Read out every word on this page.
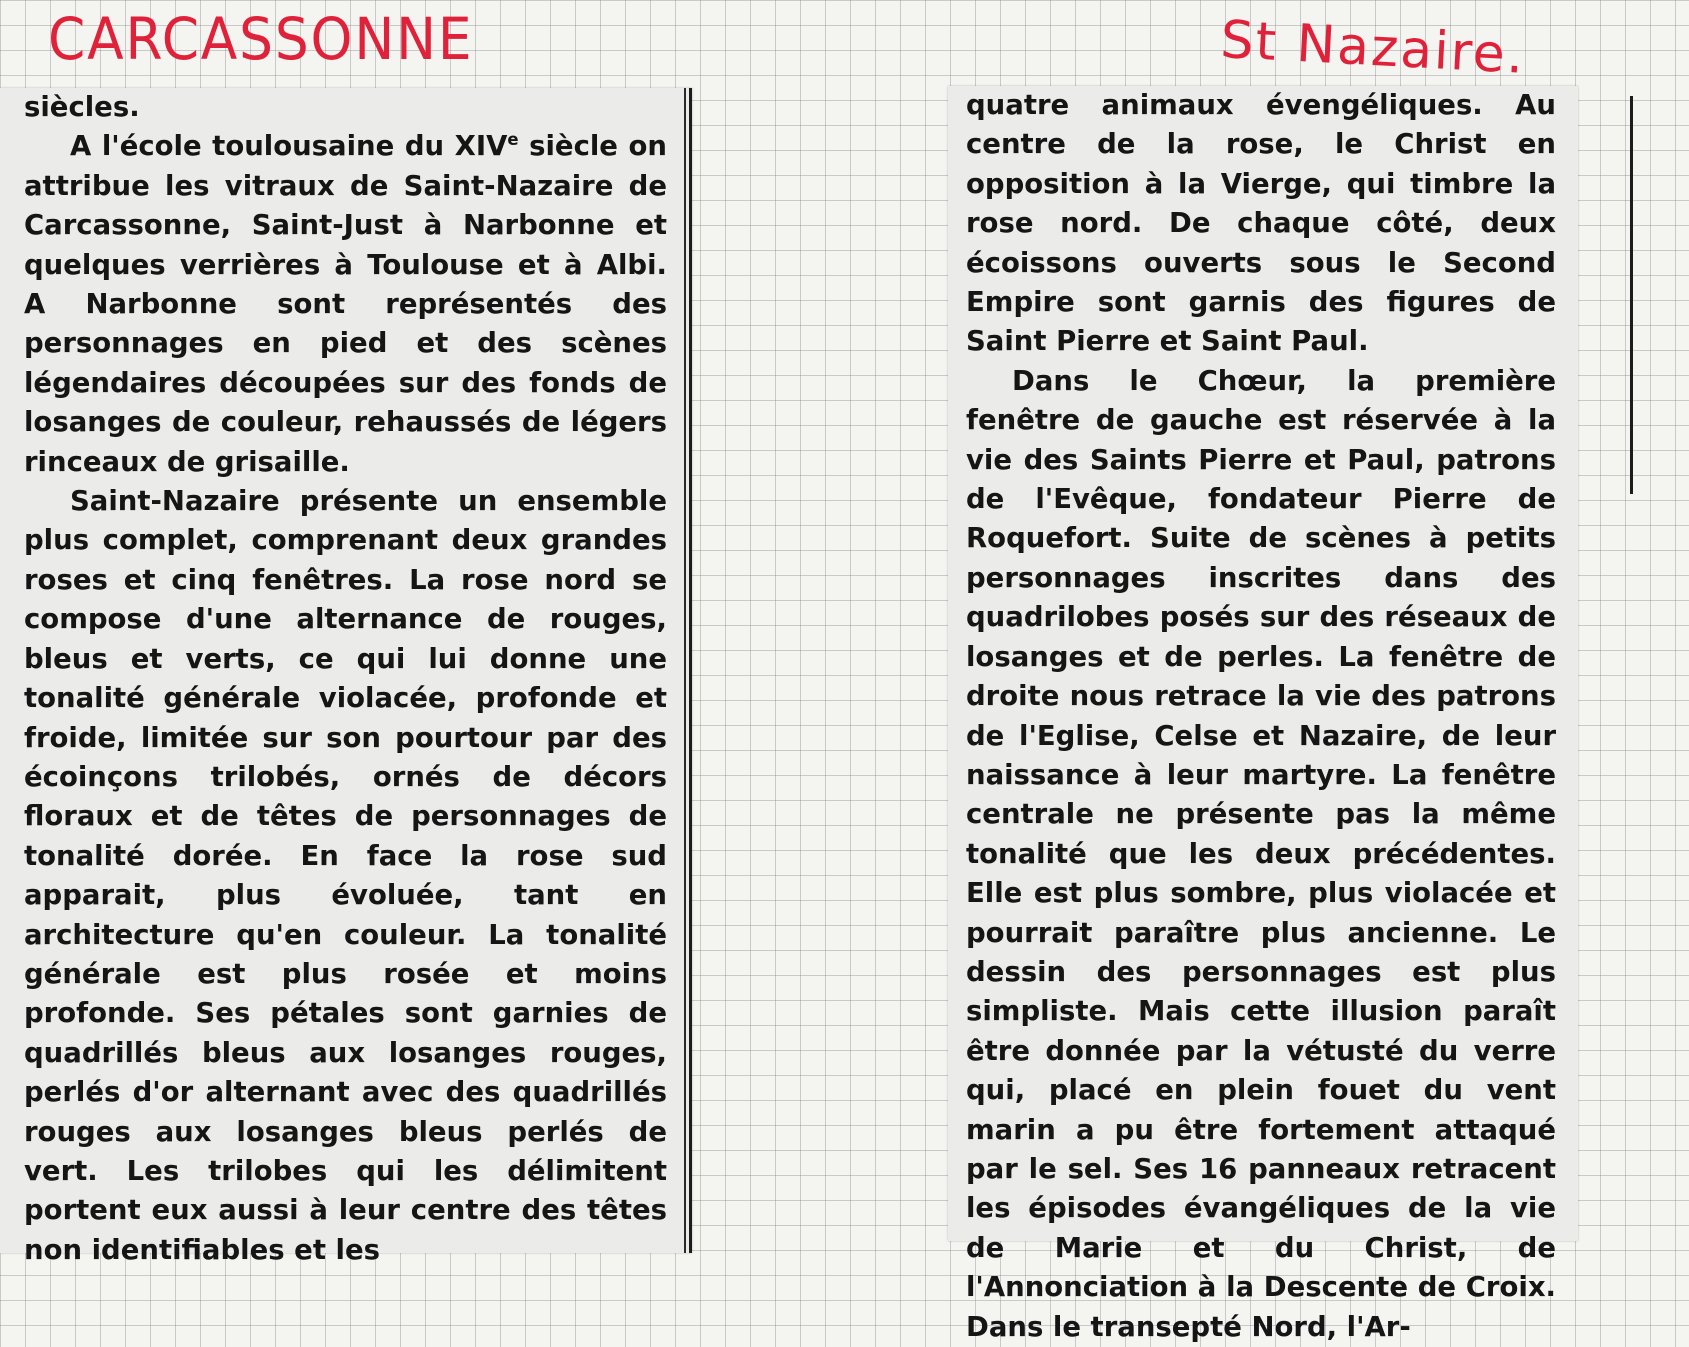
CARCASSONNE	St Nazaire.

siècles.

A l'école toulousaine du XIVe siècle on attribue les vitraux de Saint-Nazaire de Carcassonne, Saint-Just à Narbonne et quelques verrières à Toulouse et à Albi. A Narbonne sont représentés des personnages en pied et des scènes légendaires découpées sur des fonds de losanges de couleur, rehaussés de légers rinceaux de grisaille.

Saint-Nazaire présente un ensemble plus complet, comprenant deux grandes roses et cinq fenêtres. La rose nord se compose d'une alternance de rouges, bleus et verts, ce qui lui donne une tonalité générale violacée, profonde et froide, limitée sur son pourtour par des écoinçons trilobés, ornés de décors floraux et de têtes de personnages de tonalité dorée. En face la rose sud apparait, plus évoluée, tant en architecture qu'en couleur. La tonalité générale est plus rosée et moins profonde. Ses pétales sont garnies de quadrillés bleus aux losanges rouges, perlés d'or alternant avec des quadrillés rouges aux losanges bleus perlés de vert. Les trilobes qui les délimitent portent eux aussi à leur centre des têtes non identifiables et les

quatre animaux évengéliques. Au centre de la rose, le Christ en opposition à la Vierge, qui timbre la rose nord. De chaque côté, deux écoissons ouverts sous le Second Empire sont garnis des figures de Saint Pierre et Saint Paul.

Dans le Chœur, la première fenêtre de gauche est réservée à la vie des Saints Pierre et Paul, patrons de l'Evêque, fondateur Pierre de Roquefort. Suite de scènes à petits personnages inscrites dans des quadrilobes posés sur des réseaux de losanges et de perles. La fenêtre de droite nous retrace la vie des patrons de l'Eglise, Celse et Nazaire, de leur naissance à leur martyre. La fenêtre centrale ne présente pas la même tonalité que les deux précédentes. Elle est plus sombre, plus violacée et pourrait paraître plus ancienne. Le dessin des personnages est plus simpliste. Mais cette illusion paraît être donnée par la vétusté du verre qui, placé en plein fouet du vent marin a pu être fortement attaqué par le sel. Ses 16 panneaux retracent les épisodes évangéliques de la vie de Marie et du Christ, de l'Annonciation à la Descente de Croix. Dans le transepté Nord, l'Ar-
